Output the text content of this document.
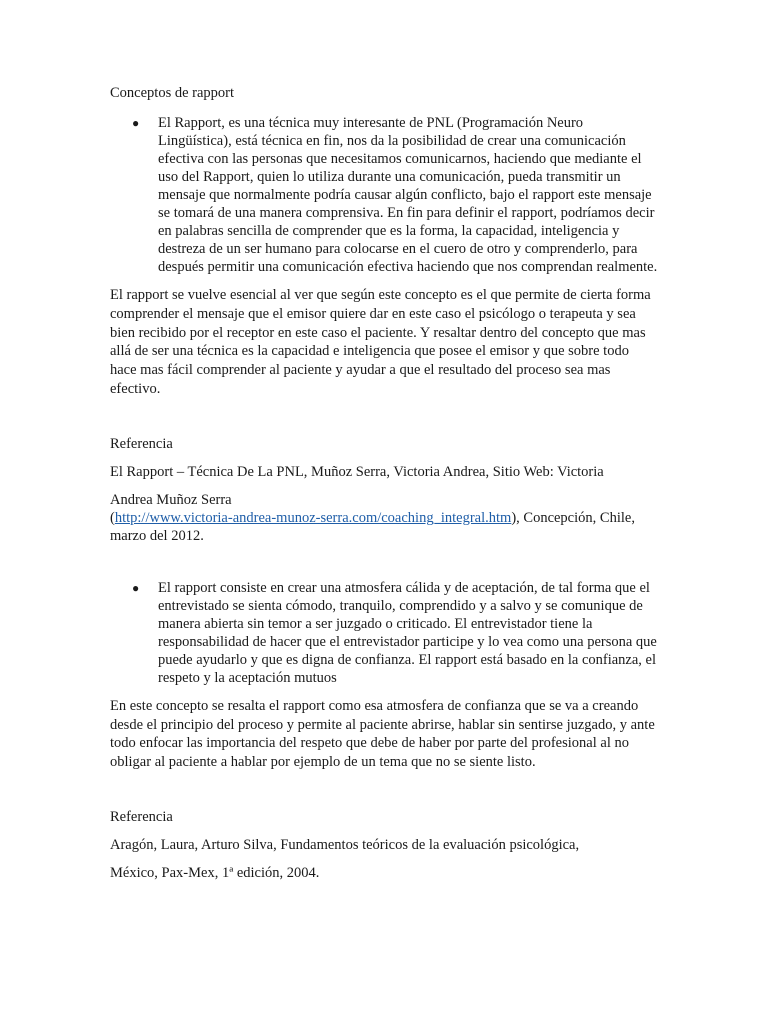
Conceptos de rapport

● El Rapport, es una técnica muy interesante de PNL (Programación Neuro Lingüística), está técnica en fin, nos da la posibilidad de crear una comunicación efectiva con las personas que necesitamos comunicarnos, haciendo que mediante el uso del Rapport, quien lo utiliza durante una comunicación, pueda transmitir un mensaje que normalmente podría causar algún conflicto, bajo el rapport este mensaje se tomará de una manera comprensiva. En fin para definir el rapport, podríamos decir en palabras sencilla de comprender que es la forma, la capacidad, inteligencia y destreza de un ser humano para colocarse en el cuero de otro y comprenderlo, para después permitir una comunicación efectiva haciendo que nos comprendan realmente.

El rapport se vuelve esencial al ver que según este concepto es el que permite de cierta forma comprender el mensaje que el emisor quiere dar en este caso el psicólogo o terapeuta y sea bien recibido por el receptor en este caso el paciente. Y resaltar dentro del concepto que mas allá de ser una técnica es la capacidad e inteligencia que posee el emisor y que sobre todo hace mas fácil comprender al paciente y ayudar a que el resultado del proceso sea mas efectivo.

Referencia

El Rapport – Técnica De La PNL, Muñoz Serra, Victoria Andrea, Sitio Web: Victoria

Andrea Muñoz Serra

(http://www.victoria-andrea-munoz-serra.com/coaching_integral.htm), Concepción, Chile, marzo del 2012.

● El rapport consiste en crear una atmosfera cálida y de aceptación, de tal forma que el entrevistado se sienta cómodo, tranquilo, comprendido y a salvo y se comunique de manera abierta sin temor a ser juzgado o criticado. El entrevistador tiene la responsabilidad de hacer que el entrevistador participe y lo vea como una persona que puede ayudarlo y que es digna de confianza. El rapport está basado en la confianza, el respeto y la aceptación mutuos

En este concepto se resalta el rapport como esa atmosfera de confianza que se va a creando desde el principio del proceso y permite al paciente abrirse, hablar sin sentirse juzgado, y ante todo enfocar las importancia del respeto que debe de haber por parte del profesional al no obligar al paciente a hablar por ejemplo de un tema que no se siente listo.

Referencia

Aragón, Laura, Arturo Silva, Fundamentos teóricos de la evaluación psicológica,

México, Pax-Mex, 1ª edición, 2004.
